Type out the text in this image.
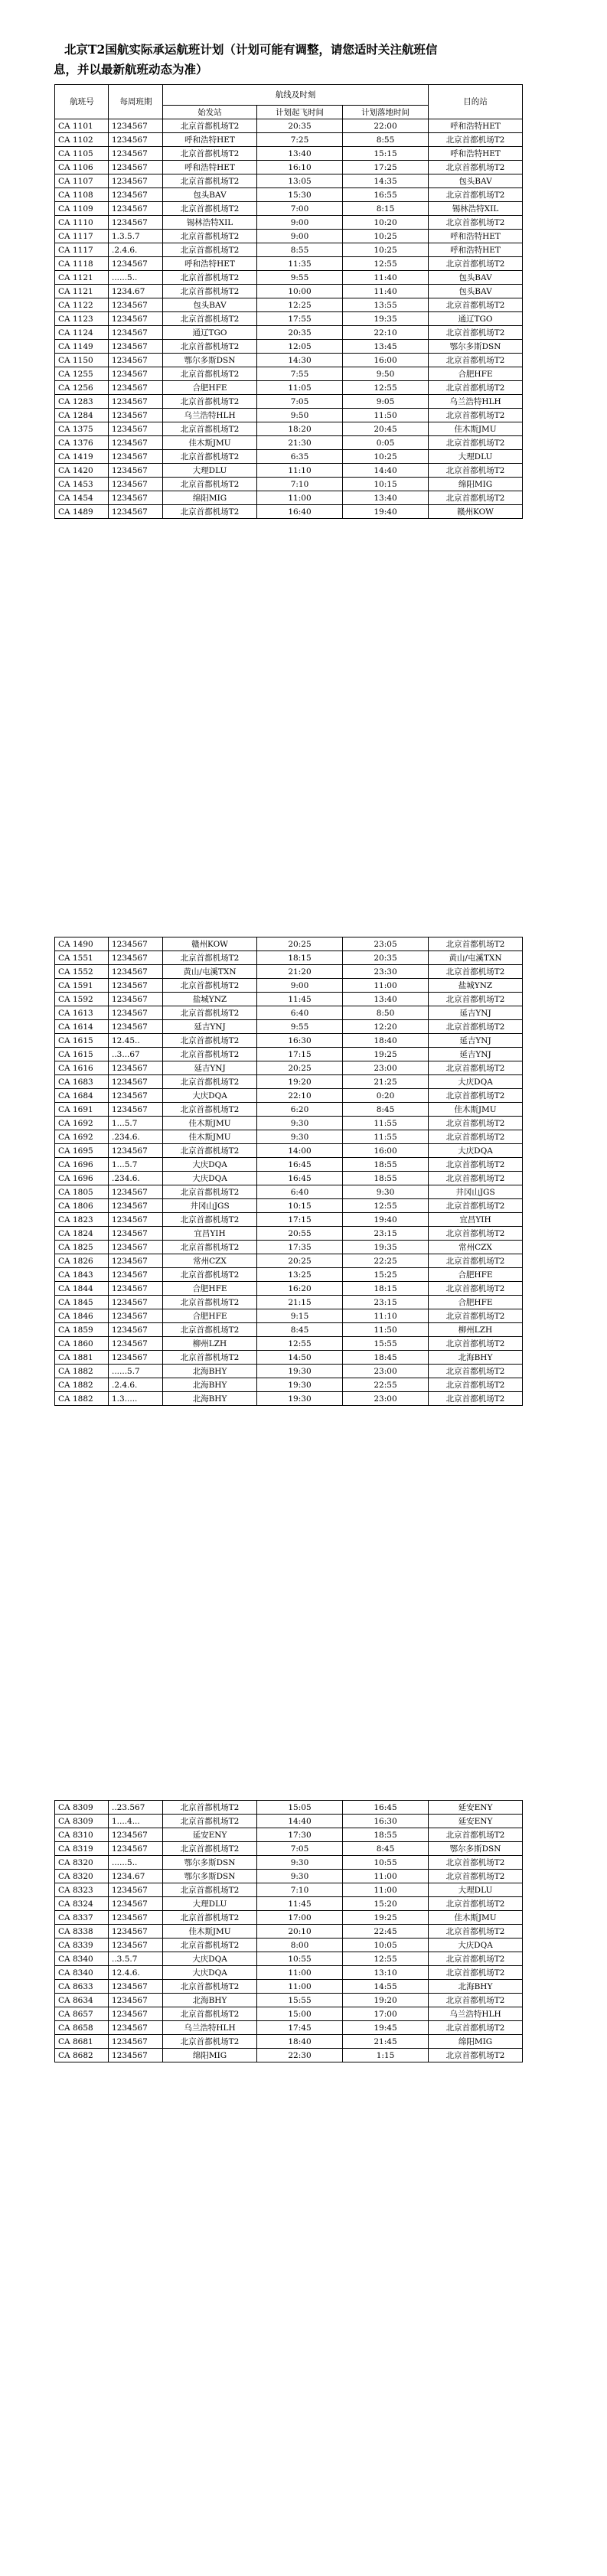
北京T2国航实际承运航班计划（计划可能有调整，请您适时关注航班信
息，并以最新航班动态为准）
航班号	每周班期	航线及时刻			目的站
		始发站	计划起飞时间	计划落地时间	
CA 1101	1234567	北京首都机场T2	20:35	22:00	呼和浩特HET
CA 1102	1234567	呼和浩特HET	7:25	8:55	北京首都机场T2
CA 1105	1234567	北京首都机场T2	13:40	15:15	呼和浩特HET
CA 1106	1234567	呼和浩特HET	16:10	17:25	北京首都机场T2
CA 1107	1234567	北京首都机场T2	13:05	14:35	包头BAV
CA 1108	1234567	包头BAV	15:30	16:55	北京首都机场T2
CA 1109	1234567	北京首都机场T2	7:00	8:15	锡林浩特XIL
CA 1110	1234567	锡林浩特XIL	9:00	10:20	北京首都机场T2
CA 1117	1.3.5.7	北京首都机场T2	9:00	10:25	呼和浩特HET
CA 1117	.2.4.6.	北京首都机场T2	8:55	10:25	呼和浩特HET
CA 1118	1234567	呼和浩特HET	11:35	12:55	北京首都机场T2
CA 1121	......5..	北京首都机场T2	9:55	11:40	包头BAV
CA 1121	1234.67	北京首都机场T2	10:00	11:40	包头BAV
CA 1122	1234567	包头BAV	12:25	13:55	北京首都机场T2
CA 1123	1234567	北京首都机场T2	17:55	19:35	通辽TGO
CA 1124	1234567	通辽TGO	20:35	22:10	北京首都机场T2
CA 1149	1234567	北京首都机场T2	12:05	13:45	鄂尔多斯DSN
CA 1150	1234567	鄂尔多斯DSN	14:30	16:00	北京首都机场T2
CA 1255	1234567	北京首都机场T2	7:55	9:50	合肥HFE
CA 1256	1234567	合肥HFE	11:05	12:55	北京首都机场T2
CA 1283	1234567	北京首都机场T2	7:05	9:05	乌兰浩特HLH
CA 1284	1234567	乌兰浩特HLH	9:50	11:50	北京首都机场T2
CA 1375	1234567	北京首都机场T2	18:20	20:45	佳木斯JMU
CA 1376	1234567	佳木斯JMU	21:30	0:05	北京首都机场T2
CA 1419	1234567	北京首都机场T2	6:35	10:25	大理DLU
CA 1420	1234567	大理DLU	11:10	14:40	北京首都机场T2
CA 1453	1234567	北京首都机场T2	7:10	10:15	绵阳MIG
CA 1454	1234567	绵阳MIG	11:00	13:40	北京首都机场T2
CA 1489	1234567	北京首都机场T2	16:40	19:40	赣州KOW
CA 1490	1234567	赣州KOW	20:25	23:05	北京首都机场T2
CA 1551	1234567	北京首都机场T2	18:15	20:35	黄山/屯溪TXN
CA 1552	1234567	黄山/屯溪TXN	21:20	23:30	北京首都机场T2
CA 1591	1234567	北京首都机场T2	9:00	11:00	盐城YNZ
CA 1592	1234567	盐城YNZ	11:45	13:40	北京首都机场T2
CA 1613	1234567	北京首都机场T2	6:40	8:50	延吉YNJ
CA 1614	1234567	延吉YNJ	9:55	12:20	北京首都机场T2
CA 1615	12.45..	北京首都机场T2	16:30	18:40	延吉YNJ
CA 1615	..3...67	北京首都机场T2	17:15	19:25	延吉YNJ
CA 1616	1234567	延吉YNJ	20:25	23:00	北京首都机场T2
CA 1683	1234567	北京首都机场T2	19:20	21:25	大庆DQA
CA 1684	1234567	大庆DQA	22:10	0:20	北京首都机场T2
CA 1691	1234567	北京首都机场T2	6:20	8:45	佳木斯JMU
CA 1692	1...5.7	佳木斯JMU	9:30	11:55	北京首都机场T2
CA 1692	.234.6.	佳木斯JMU	9:30	11:55	北京首都机场T2
CA 1695	1234567	北京首都机场T2	14:00	16:00	大庆DQA
CA 1696	1...5.7	大庆DQA	16:45	18:55	北京首都机场T2
CA 1696	.234.6.	大庆DQA	16:45	18:55	北京首都机场T2
CA 1805	1234567	北京首都机场T2	6:40	9:30	井冈山JGS
CA 1806	1234567	井冈山JGS	10:15	12:55	北京首都机场T2
CA 1823	1234567	北京首都机场T2	17:15	19:40	宜昌YIH
CA 1824	1234567	宜昌YIH	20:55	23:15	北京首都机场T2
CA 1825	1234567	北京首都机场T2	17:35	19:35	常州CZX
CA 1826	1234567	常州CZX	20:25	22:25	北京首都机场T2
CA 1843	1234567	北京首都机场T2	13:25	15:25	合肥HFE
CA 1844	1234567	合肥HFE	16:20	18:15	北京首都机场T2
CA 1845	1234567	北京首都机场T2	21:15	23:15	合肥HFE
CA 1846	1234567	合肥HFE	9:15	11:10	北京首都机场T2
CA 1859	1234567	北京首都机场T2	8:45	11:50	柳州LZH
CA 1860	1234567	柳州LZH	12:55	15:55	北京首都机场T2
CA 1881	1234567	北京首都机场T2	14:50	18:45	北海BHY
CA 1882	......5.7	北海BHY	19:30	23:00	北京首都机场T2
CA 1882	.2.4.6.	北海BHY	19:30	22:55	北京首都机场T2
CA 1882	1.3.....	北海BHY	19:30	23:00	北京首都机场T2
CA 8309	..23.567	北京首都机场T2	15:05	16:45	延安ENY
CA 8309	1....4...	北京首都机场T2	14:40	16:30	延安ENY
CA 8310	1234567	延安ENY	17:30	18:55	北京首都机场T2
CA 8319	1234567	北京首都机场T2	7:05	8:45	鄂尔多斯DSN
CA 8320	......5..	鄂尔多斯DSN	9:30	10:55	北京首都机场T2
CA 8320	1234.67	鄂尔多斯DSN	9:30	11:00	北京首都机场T2
CA 8323	1234567	北京首都机场T2	7:10	11:00	大理DLU
CA 8324	1234567	大理DLU	11:45	15:20	北京首都机场T2
CA 8337	1234567	北京首都机场T2	17:00	19:25	佳木斯JMU
CA 8338	1234567	佳木斯JMU	20:10	22:45	北京首都机场T2
CA 8339	1234567	北京首都机场T2	8:00	10:05	大庆DQA
CA 8340	..3.5.7	大庆DQA	10:55	12:55	北京首都机场T2
CA 8340	12.4.6.	大庆DQA	11:00	13:10	北京首都机场T2
CA 8633	1234567	北京首都机场T2	11:00	14:55	北海BHY
CA 8634	1234567	北海BHY	15:55	19:20	北京首都机场T2
CA 8657	1234567	北京首都机场T2	15:00	17:00	乌兰浩特HLH
CA 8658	1234567	乌兰浩特HLH	17:45	19:45	北京首都机场T2
CA 8681	1234567	北京首都机场T2	18:40	21:45	绵阳MIG
CA 8682	1234567	绵阳MIG	22:30	1:15	北京首都机场T2
